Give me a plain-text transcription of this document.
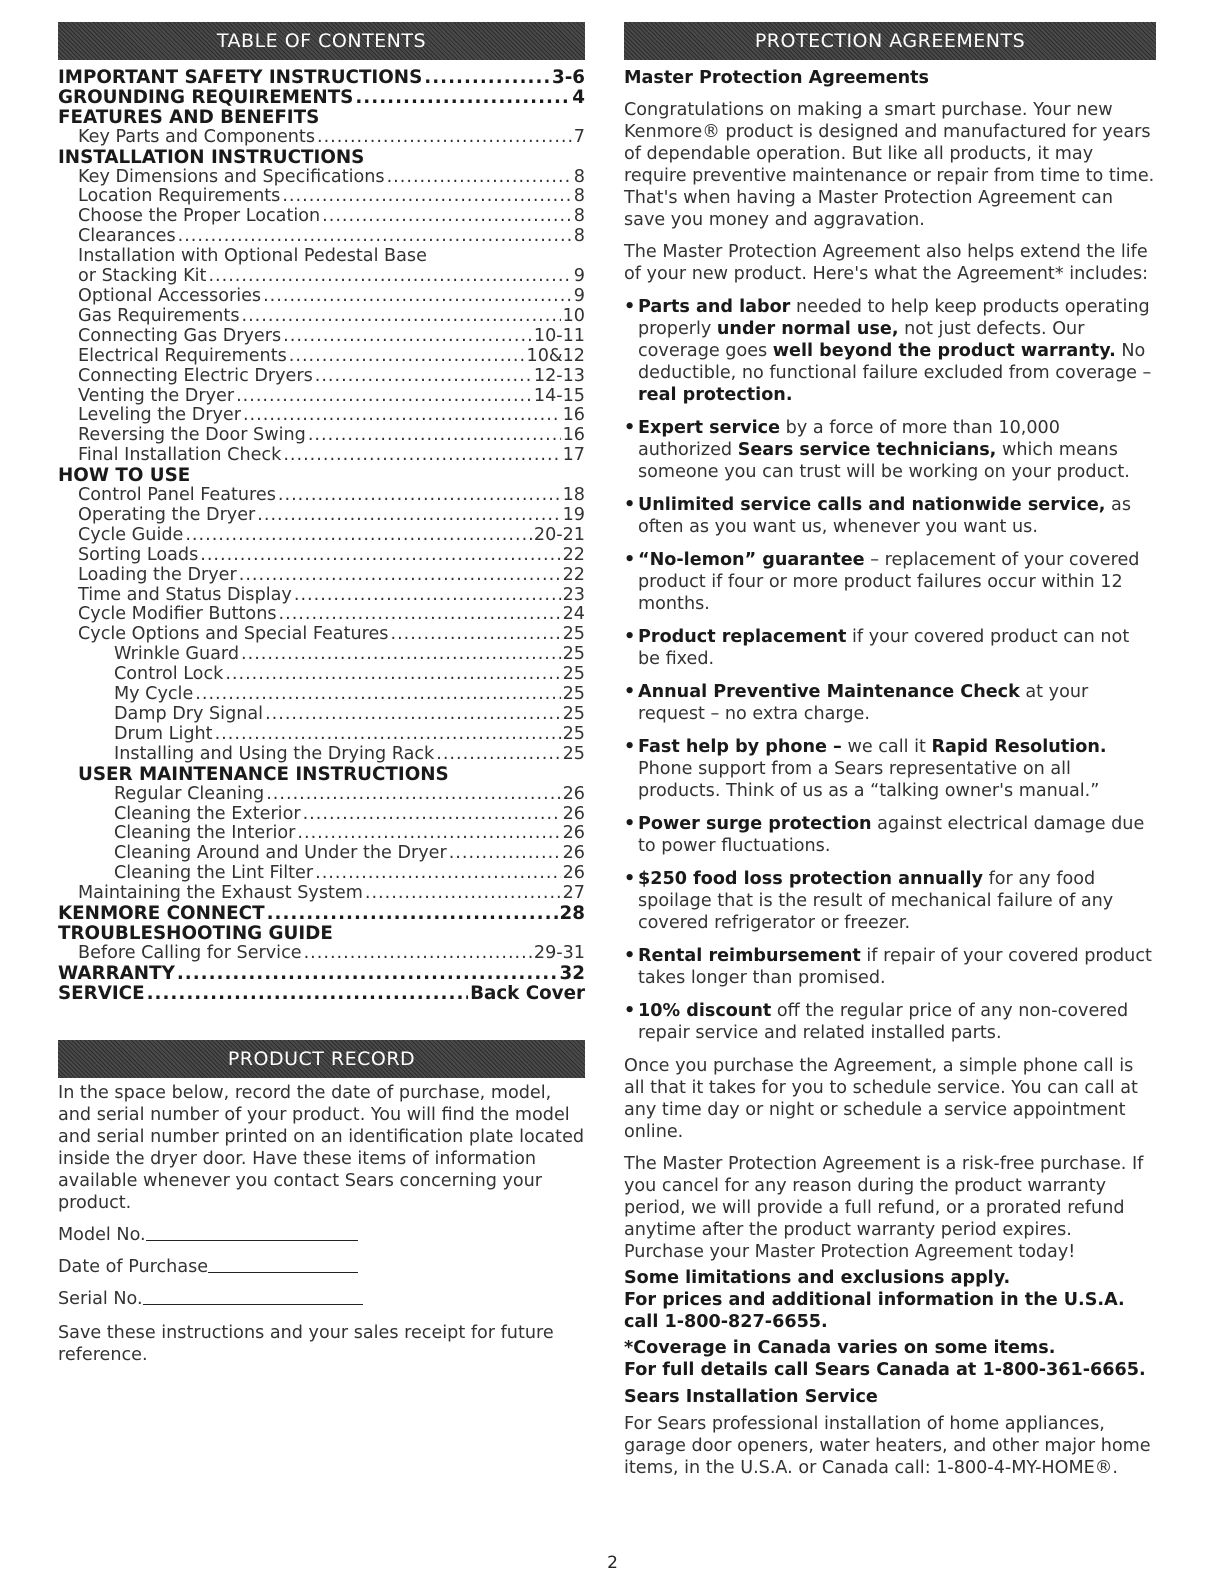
TABLE OF CONTENTS
IMPORTANT SAFETY INSTRUCTIONS .....	3-6
GROUNDING REQUIREMENTS .....	4
FEATURES AND BENEFITS
Key Parts and Components .....	7
INSTALLATION INSTRUCTIONS
Key Dimensions and Specifications .....	8
Location Requirements .....	8
Choose the Proper Location .....	8
Clearances .....	8
Installation with Optional Pedestal Base
or Stacking Kit .....	9
Optional Accessories .....	9
Gas Requirements .....	10
Connecting Gas Dryers .....	10-11
Electrical Requirements .....	10&12
Connecting Electric Dryers .....	12-13
Venting the Dryer .....	14-15
Leveling the Dryer .....	16
Reversing the Door Swing .....	16
Final Installation Check .....	17
HOW TO USE
Control Panel Features .....	18
Operating the Dryer .....	19
Cycle Guide .....	20-21
Sorting Loads .....	22
Loading the Dryer .....	22
Time and Status Display .....	23
Cycle Modifier Buttons .....	24
Cycle Options and Special Features .....	25
Wrinkle Guard .....	25
Control Lock .....	25
My Cycle .....	25
Damp Dry Signal .....	25
Drum Light .....	25
Installing and Using the Drying Rack .....	25
USER MAINTENANCE INSTRUCTIONS
Regular Cleaning .....	26
Cleaning the Exterior .....	26
Cleaning the Interior .....	26
Cleaning Around and Under the Dryer .....	26
Cleaning the Lint Filter .....	26
Maintaining the Exhaust System .....	27
KENMORE CONNECT .....	28
TROUBLESHOOTING GUIDE
Before Calling for Service .....	29-31
WARRANTY .....	32
SERVICE .....	Back Cover
PRODUCT RECORD

In the space below, record the date of purchase, model, and serial number of your product. You will find the model and serial number printed on an identification plate located inside the dryer door. Have these items of information available whenever you contact Sears concerning your product.

Model No.

Date of Purchase

Serial No.

Save these instructions and your sales receipt for future reference.

PROTECTION AGREEMENTS

Master Protection Agreements

Congratulations on making a smart purchase. Your new Kenmore® product is designed and manufactured for years of dependable operation. But like all products, it may require preventive maintenance or repair from time to time. That's when having a Master Protection Agreement can save you money and aggravation.

The Master Protection Agreement also helps extend the life of your new product. Here's what the Agreement* includes:

• Parts and labor needed to help keep products operating properly under normal use, not just defects. Our coverage goes well beyond the product warranty. No deductible, no functional failure excluded from coverage – real protection.

• Expert service by a force of more than 10,000 authorized Sears service technicians, which means someone you can trust will be working on your product.

• Unlimited service calls and nationwide service, as often as you want us, whenever you want us.

• “No-lemon” guarantee – replacement of your covered product if four or more product failures occur within 12 months.

• Product replacement if your covered product can not be fixed.

• Annual Preventive Maintenance Check at your request – no extra charge.

• Fast help by phone – we call it Rapid Resolution. Phone support from a Sears representative on all products. Think of us as a “talking owner's manual.”

• Power surge protection against electrical damage due to power fluctuations.

• $250 food loss protection annually for any food spoilage that is the result of mechanical failure of any covered refrigerator or freezer.

• Rental reimbursement if repair of your covered product takes longer than promised.

• 10% discount off the regular price of any non-covered repair service and related installed parts.

Once you purchase the Agreement, a simple phone call is all that it takes for you to schedule service. You can call at any time day or night or schedule a service appointment online.

The Master Protection Agreement is a risk-free purchase. If you cancel for any reason during the product warranty period, we will provide a full refund, or a prorated refund anytime after the product warranty period expires. Purchase your Master Protection Agreement today!

Some limitations and exclusions apply.

For prices and additional information in the U.S.A. call 1-800-827-6655.

*Coverage in Canada varies on some items.

For full details call Sears Canada at 1-800-361-6665.

Sears Installation Service

For Sears professional installation of home appliances, garage door openers, water heaters, and other major home items, in the U.S.A. or Canada call: 1-800-4-MY-HOME®.

2
